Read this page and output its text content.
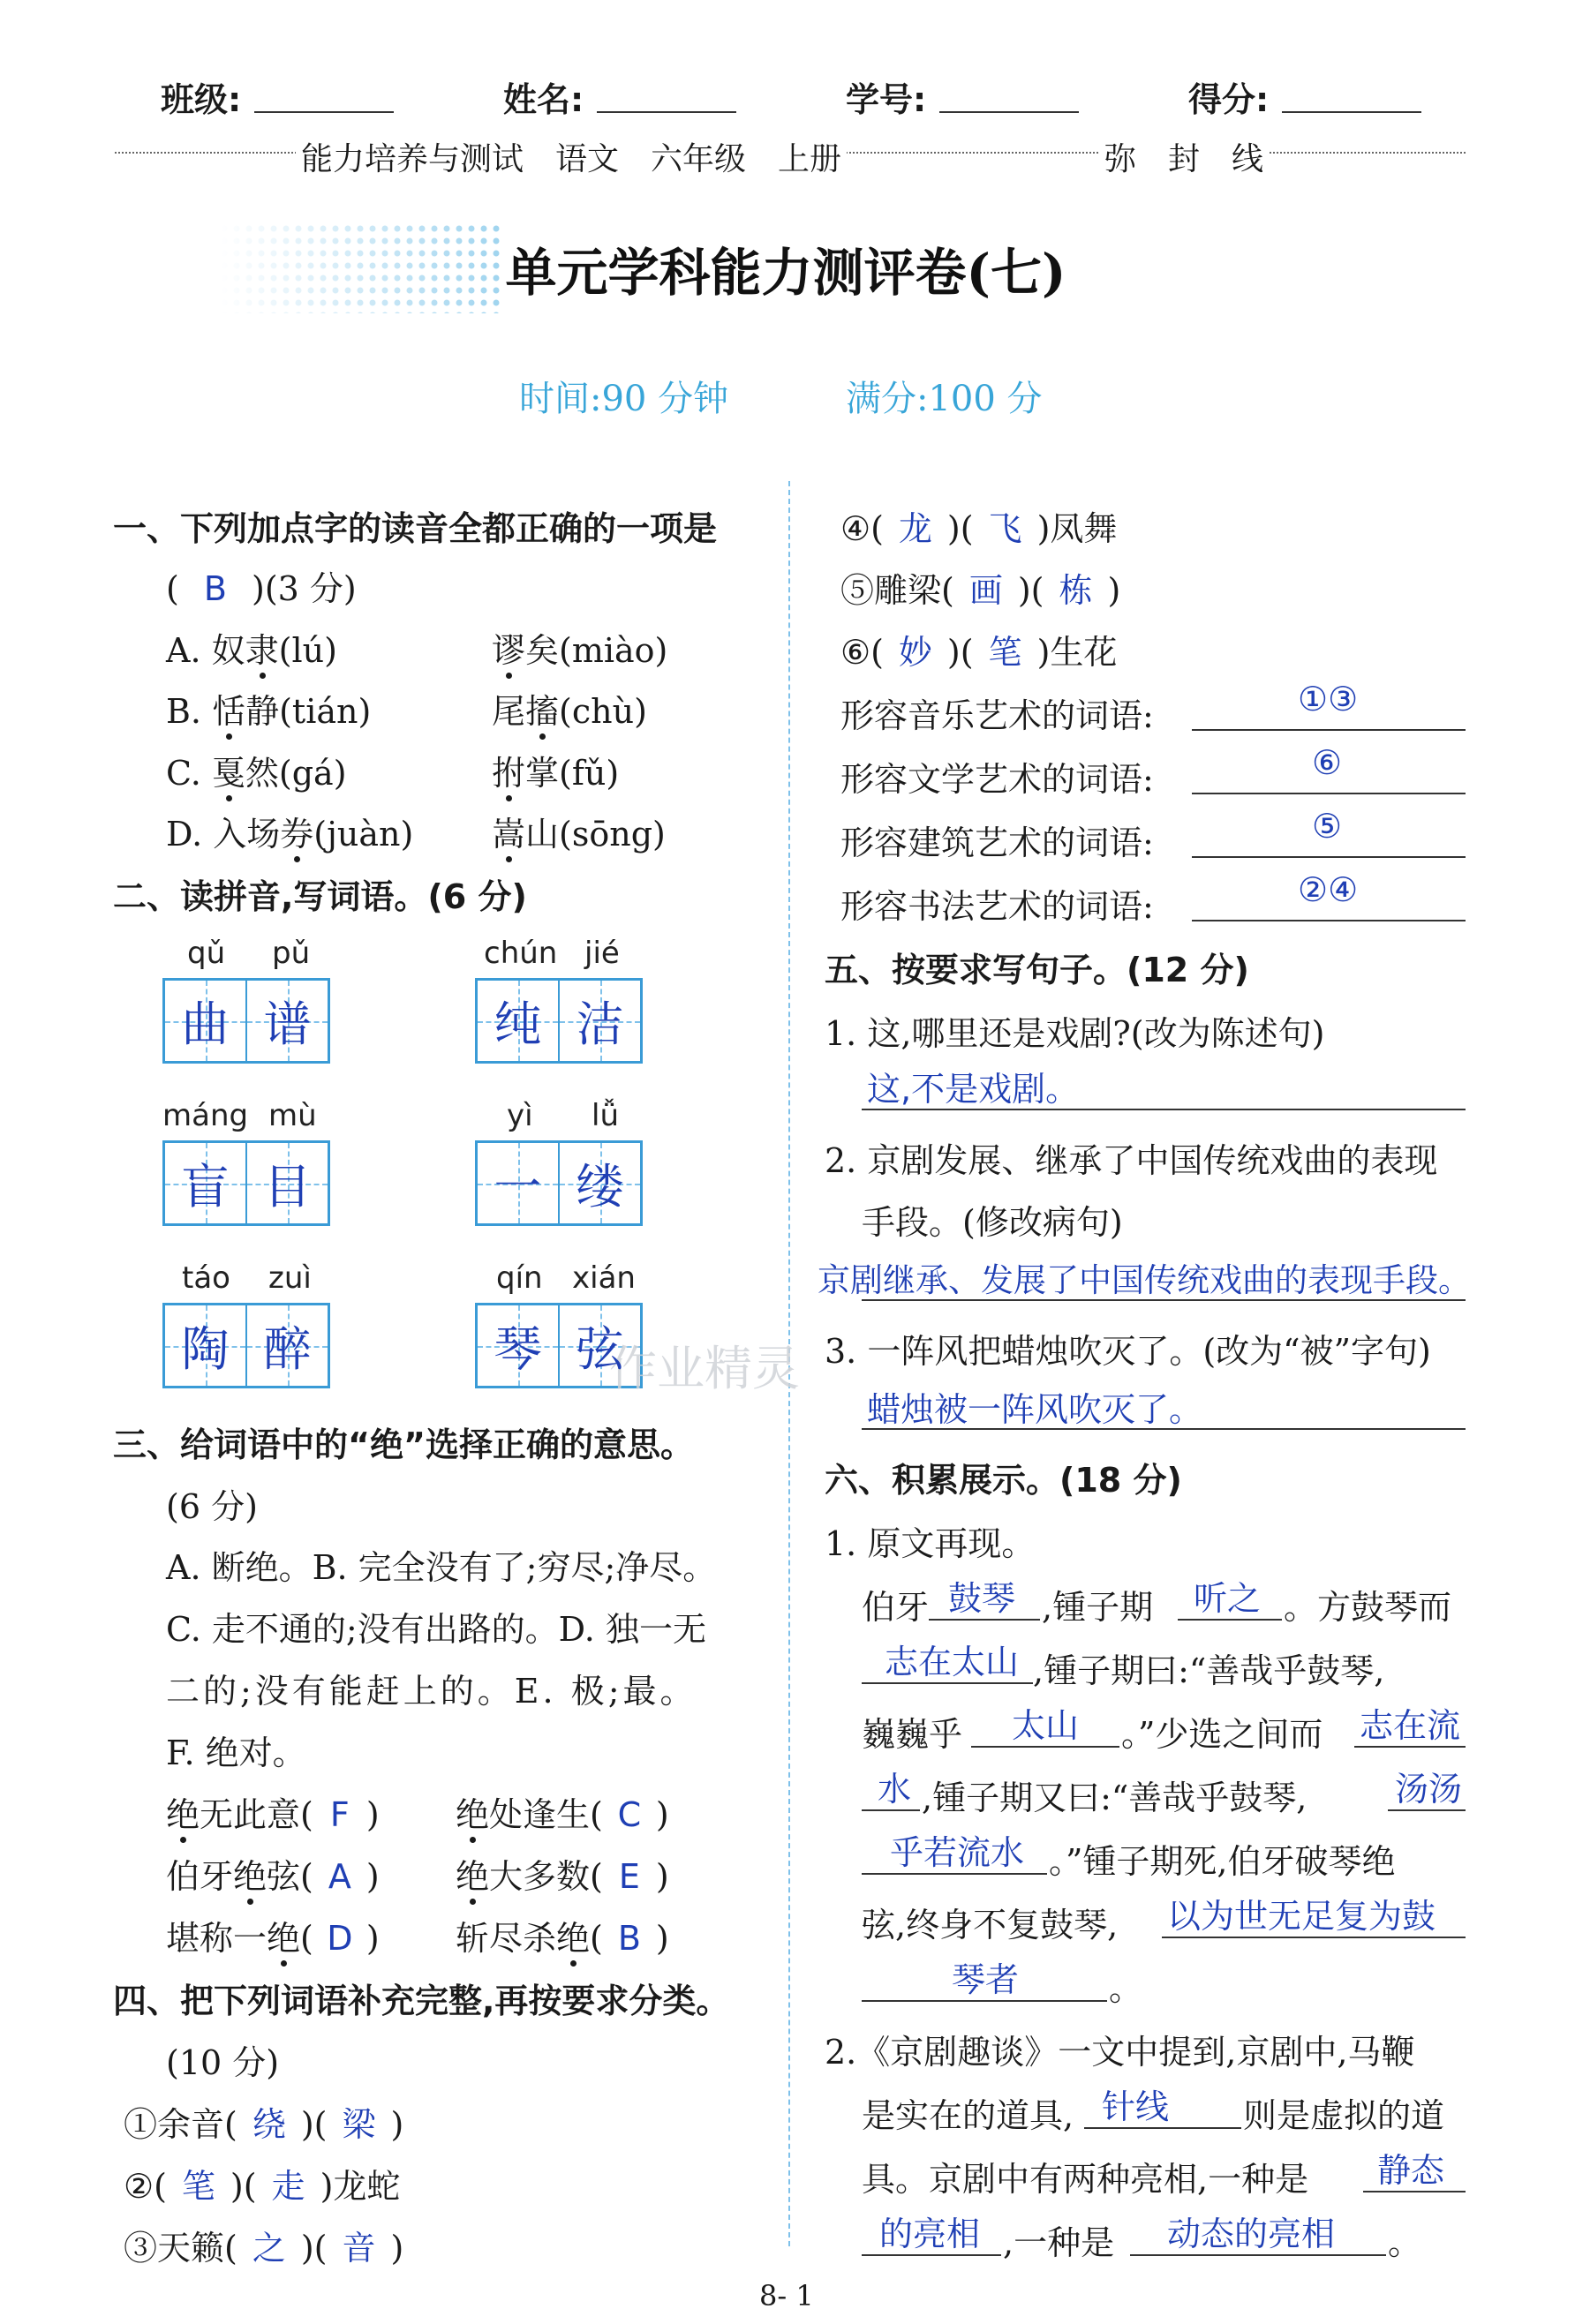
班级:	姓名:	学号:	得分:
能力培养与测试　语文　六年级　上册	弥　封　线
单元学科能力测评卷(七)
时间:90 分钟	满分:100 分
一、下列加点字的读音全都正确的一项是
( B )(3 分)
A. 奴隶(lú)	谬矣(miào)
B. 恬静(tián)	尾搐(chù)
C. 戛然(gá)	拊掌(fǔ)
D. 入场券(juàn) 嵩山(sōng)
二、读拼音,写词语。(6 分)
qǔ pǔ
曲 谱
chún jié
纯 洁
máng mù
盲 目
yì lǚ
一 缕
táo zuì
陶 醉
qín xián
琴 弦
作业精灵
三、给词语中的“绝”选择正确的意思。
(6 分)
A. 断绝。B. 完全没有了;穷尽;净尽。
C. 走不通的;没有出路的。D. 独一无
二的;没有能赶上的。E. 极;最。
F. 绝对。
绝无此意( F ) 绝处逢生( C )
伯牙绝弦( A ) 绝大多数( E )
堪称一绝( D ) 斩尽杀绝( B )
四、把下列词语补充完整,再按要求分类。
(10 分)
①余音( 绕 )( 梁 )
②( 笔 )( 走 )龙蛇
③天籁( 之 )( 音 )
④( 龙 )( 飞 )凤舞
⑤雕梁( 画 )( 栋 )
⑥( 妙 )( 笔 )生花
形容音乐艺术的词语:	①③
形容文学艺术的词语:	⑥
形容建筑艺术的词语:	⑤
形容书法艺术的词语:	②④
五、按要求写句子。(12 分)
1. 这,哪里还是戏剧?(改为陈述句)
这,不是戏剧。
2. 京剧发展、继承了中国传统戏曲的表现
手段。(修改病句)
京剧继承、发展了中国传统戏曲的表现手段。
3. 一阵风把蜡烛吹灭了。(改为“被”字句)
蜡烛被一阵风吹灭了。
六、积累展示。(18 分)
1. 原文再现。
伯牙 鼓琴 ,锺子期 听之 。方鼓琴而
志在太山 ,锺子期曰:“善哉乎鼓琴,
巍巍乎 太山 。”少选之间而 志在流
水 ,锺子期又曰:“善哉乎鼓琴,	汤汤
乎若流水 。”锺子期死,伯牙破琴绝
弦,终身不复鼓琴, 以为世无足复为鼓
琴者	。
2.《京剧趣谈》一文中提到,京剧中,马鞭
是实在的道具, 针线 则是虚拟的道
具。京剧中有两种亮相,一种是 静态
的亮相 ,一种是 动态的亮相 。
8- 1
